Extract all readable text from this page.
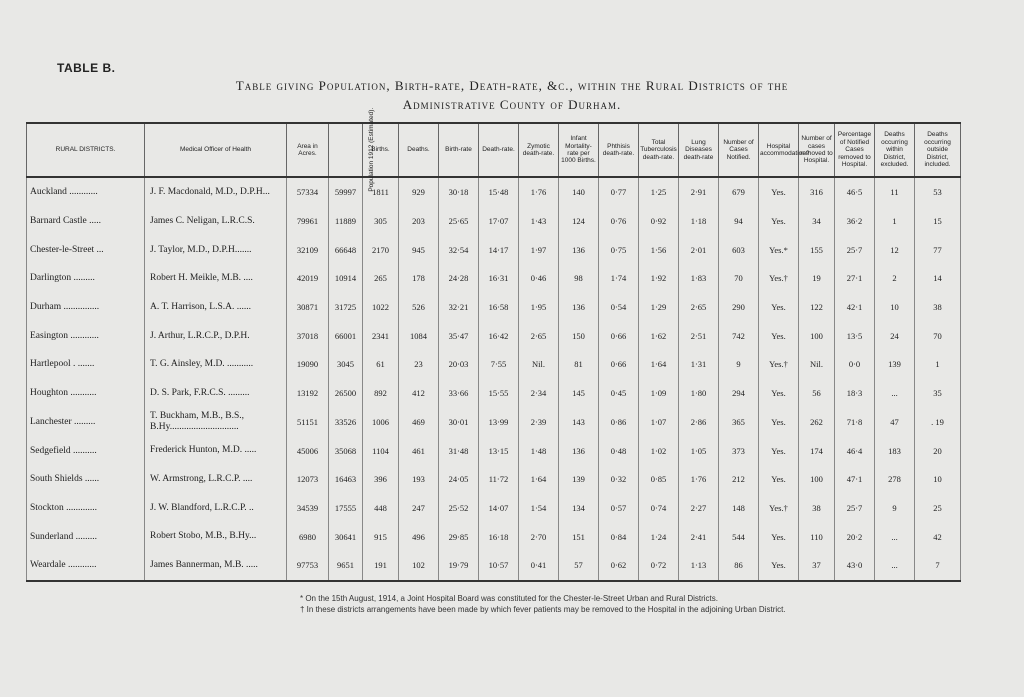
TABLE B.
Table giving Population, Birth-rate, Death-rate, &c., within the Rural Districts of the
Administrative County of Durham.
RURAL DISTRICTS.	Medical Officer of Health	Area in Acres.	Population 1912 (Estimated).	Births.	Deaths.	Birth-rate	Death-rate.	Zymotic death-rate.	Infant Mortality-rate per 1000 Births.	Phthisis death-rate.	Total Tuberculosis death-rate.	Lung Diseases death-rate	Number of Cases Notified.	Hospital accommodation?	Number of cases removed to Hospital.	Percentage of Notified Cases removed to Hospital.	Deaths occurring within District, excluded.	Deaths occurring outside District, included.
Auckland ............	J. F. Macdonald, M.D., D.P.H...	57334	59997	1811	929	30·18	15·48	1·76	140	0·77	1·25	2·91	679	Yes.	316	46·5	11	53
Barnard Castle .....	James C. Neligan, L.R.C.S.	79961	11889	305	203	25·65	17·07	1·43	124	0·76	0·92	1·18	94	Yes.	34	36·2	1	15
Chester-le-Street ...	J. Taylor, M.D., D.P.H.......	32109	66648	2170	945	32·54	14·17	1·97	136	0·75	1·56	2·01	603	Yes.*	155	25·7	12	77
Darlington .........	Robert H. Meikle, M.B. ....	42019	10914	265	178	24·28	16·31	0·46	98	1·74	1·92	1·83	70	Yes.†	19	27·1	2	14
Durham ...............	A. T. Harrison, L.S.A. ......	30871	31725	1022	526	32·21	16·58	1·95	136	0·54	1·29	2·65	290	Yes.	122	42·1	10	38
Easington ............	J. Arthur, L.R.C.P., D.P.H.	37018	66001	2341	1084	35·47	16·42	2·65	150	0·66	1·62	2·51	742	Yes.	100	13·5	24	70
Hartlepool . .......	T. G. Ainsley, M.D. ...........	19090	3045	61	23	20·03	7·55	Nil.	81	0·66	1·64	1·31	9	Yes.†	Nil.	0·0	139	1
Houghton ...........	D. S. Park, F.R.C.S. .........	13192	26500	892	412	33·66	15·55	2·34	145	0·45	1·09	1·80	294	Yes.	56	18·3	...	35
Lanchester .........	T. Buckham, M.B., B.S., B.Hy.............................	51151	33526	1006	469	30·01	13·99	2·39	143	0·86	1·07	2·86	365	Yes.	262	71·8	47	. 19
Sedgefield ..........	Frederick Hunton, M.D. .....	45006	35068	1104	461	31·48	13·15	1·48	136	0·48	1·02	1·05	373	Yes.	174	46·4	183	20
South Shields ......	W. Armstrong, L.R.C.P. ....	12073	16463	396	193	24·05	11·72	1·64	139	0·32	0·85	1·76	212	Yes.	100	47·1	278	10
Stockton .............	J. W. Blandford, L.R.C.P. ..	34539	17555	448	247	25·52	14·07	1·54	134	0·57	0·74	2·27	148	Yes.†	38	25·7	9	25
Sunderland .........	Robert Stobo, M.B., B.Hy...	6980	30641	915	496	29·85	16·18	2·70	151	0·84	1·24	2·41	544	Yes.	110	20·2	...	42
Weardale ............	James Bannerman, M.B. .....	97753	9651	191	102	19·79	10·57	0·41	57	0·62	0·72	1·13	86	Yes.	37	43·0	...	7
* On the 15th August, 1914, a Joint Hospital Board was constituted for the Chester-le-Street Urban and Rural Districts.
† In these districts arrangements have been made by which fever patients may be removed to the Hospital in the adjoining Urban District.
